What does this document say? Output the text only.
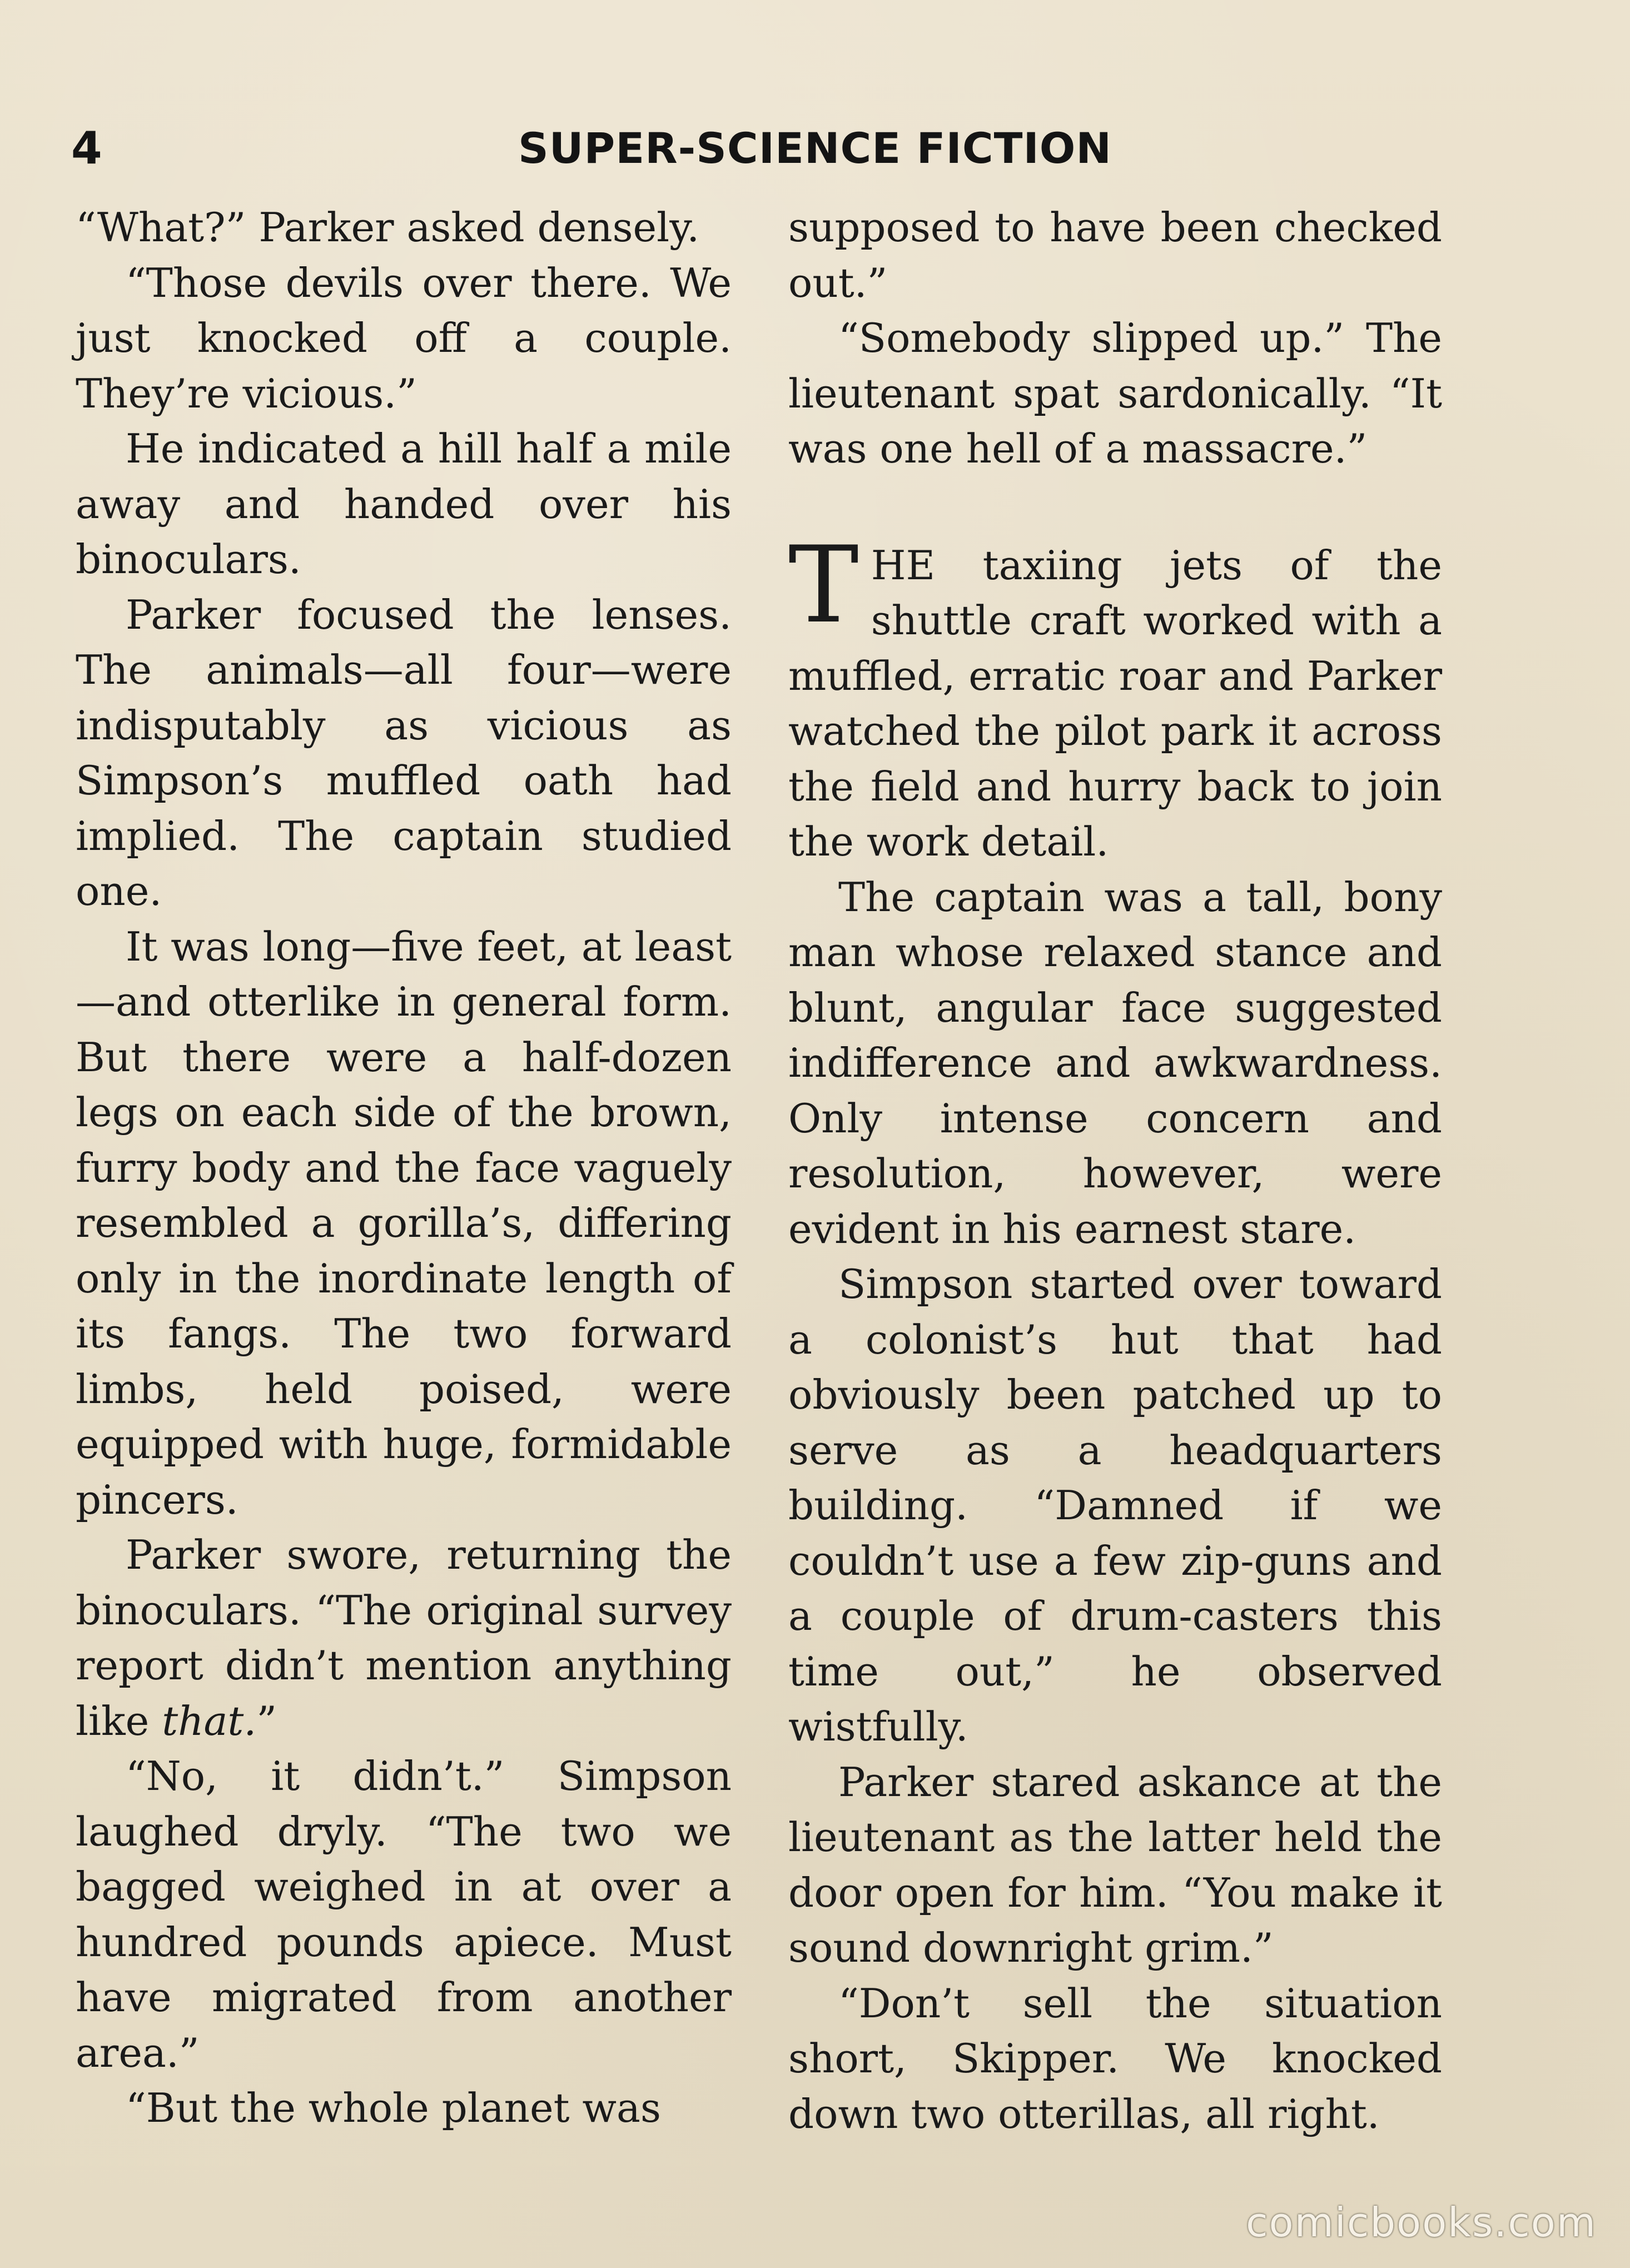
4	SUPER-SCIENCE FICTION

“What?” Parker asked densely.

“Those devils over there. We just knocked off a couple. They’re vicious.”

He indicated a hill half a mile away and handed over his binoculars.

Parker focused the lenses. The animals—all four—were indisputably as vicious as Simpson’s muffled oath had implied. The captain studied one.

It was long—five feet, at least—and otterlike in general form. But there were a half-dozen legs on each side of the brown, furry body and the face vaguely resembled a gorilla’s, differing only in the inordinate length of its fangs. The two forward limbs, held poised, were equipped with huge, formidable pincers.

Parker swore, returning the binoculars. “The original survey report didn’t mention anything like that.”

“No, it didn’t.” Simpson laughed dryly. “The two we bagged weighed in at over a hundred pounds apiece. Must have migrated from another area.”

“But the whole planet was

supposed to have been checked out.”

“Somebody slipped up.” The lieutenant spat sardonically. “It was one hell of a massacre.”

THE taxiing jets of the shuttle craft worked with a muffled, erratic roar and Parker watched the pilot park it across the field and hurry back to join the work detail.

The captain was a tall, bony man whose relaxed stance and blunt, angular face suggested indifference and awkwardness. Only intense concern and resolution, however, were evident in his earnest stare.

Simpson started over toward a colonist’s hut that had obviously been patched up to serve as a headquarters building. “Damned if we couldn’t use a few zip-guns and a couple of drum-casters this time out,” he observed wistfully.

Parker stared askance at the lieutenant as the latter held the door open for him. “You make it sound downright grim.”

“Don’t sell the situation short, Skipper. We knocked down two otterillas, all right.

comicbooks.com
